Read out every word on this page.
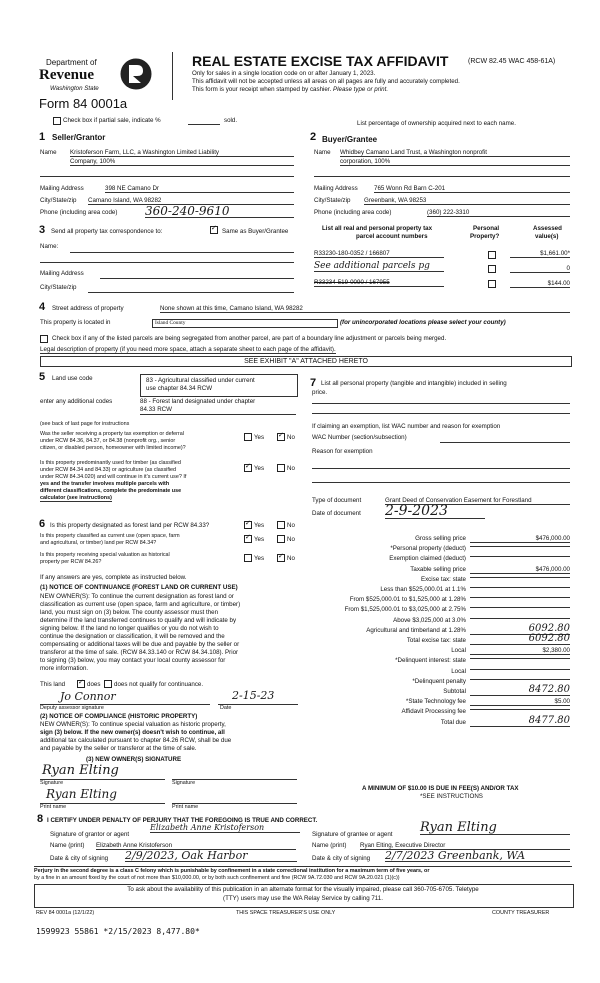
Department of
Revenue
Washington State
Form 84 0001a
REAL ESTATE EXCISE TAX AFFIDAVIT	(RCW 82.45 WAC 458-61A)
Only for sales in a single location code on or after January 1, 2023.
This affidavit will not be accepted unless all areas on all pages are fully and accurately completed.
This form is your receipt when stamped by cashier. Please type or print.
Check box if partial sale, indicate %
	sold.	List percentage of ownership acquired next to each name.
1 Seller/Grantor
Name Kristoferson Farm, LLC, a Washington Limited Liability
Company, 100%
Mailing Address	398 NE Camano Dr
City/State/zip Camano Island, WA 98282
Phone (including area code) 360-240-9610
2 Buyer/Grantee
Name Whidbey Camano Land Trust, a Washington nonprofit
corporation, 100%
Mailing Address	765 Wonn Rd Barn C-201
City/State/zip Greenbank, WA 98253
Phone (including area code)	(360) 222-3310
3 Send all property tax correspondence to: ✓	Same as Buyer/Grantee
Name:
Mailing Address
City/State/zip
List all real and personal property tax
parcel account numbers
Personal
Property?
Assessed
value(s)
R33230-180-0352 / 166807	$1,661.00*
See additional parcels pg	0
R33234-519-0090 / 167955	$144.00
4 Street address of property	None shown at this time, Camano Island, WA 98282
This property is located in	Island County	(for unincorporated locations please select your county)
Check box if any of the listed parcels are being segregated from another parcel, are part of a boundary line adjustment or parcels being merged.
Legal description of property (if you need more space, attach a separate sheet to each page of the affidavit).
SEE EXHIBIT "A" ATTACHED HERETO
5 Land use code	83 - Agricultural classified under current
use chapter 84.34 RCW
enter any additional codes	88 - Forest land designated under chapter
84.33 RCW
(see back of last page for instructions
Was the seller receiving a property tax exemption or deferral
under RCW 84.36, 84.37, or 84.38 (nonprofit org., senior
citizen, or disabled person, homeowner with limited income)?
Yes ✓	No
Is this property predominantly used for timber (as classified
under RCW 84.34 and 84.33) or agriculture (as classified
under RCW 84.34.020) and will continue in it's current use? If
yes and the transfer involves multiple parcels with
different classifications, complete the predominate use
calculator (see instructions)
✓
Yes	No
6 Is this property designated as forest land per RCW 84.33? ✓	Yes	No
Is this property classified as current use (open space, farm
and agricultural, or timber) land per RCW 84.34? ✓	Yes	No
Is this property receiving special valuation as historical
property per RCW 84.26?	Yes ✓	No
If any answers are yes, complete as instructed below.
(1) NOTICE OF CONTINUANCE (FOREST LAND OR CURRENT USE)
NEW OWNER(S): To continue the current designation as forest land or
classification as current use (open space, farm and agriculture, or timber)
land, you must sign on (3) below. The county assessor must then
determine if the land transferred continues to qualify and will indicate by
signing below. If the land no longer qualifies or you do not wish to
continue the designation or classification, it will be removed and the
compensating or additional taxes will be due and payable by the seller or
transferor at the time of sale. (RCW 84.33.140 or RCW 84.34.108). Prior
to signing (3) below, you may contact your local county assessor for
more information.
This land ✓	does does not qualify for continuance.
Jo Connor	2-15-23
Deputy assessor signature	Date
(2) NOTICE OF COMPLIANCE (HISTORIC PROPERTY)
NEW OWNER(S): To continue special valuation as historic property,
sign (3) below. If the new owner(s) doesn't wish to continue, all
additional tax calculated pursuant to chapter 84.26 RCW, shall be due
and payable by the seller or transferor at the time of sale.
(3) NEW OWNER(S) SIGNATURE
Ryan Elting
Signature	Signature
Ryan Elting
Print name	Print name
7 List all personal property (tangible and intangible) included in selling
price.
If claiming an exemption, list WAC number and reason for exemption
WAC Number (section/subsection)
Reason for exemption
Type of document	Grant Deed of Conservation Easement for Forestland
Date of document 2-9-2023
Gross selling price	$476,000.00
*Personal property (deduct)
Exemption claimed (deduct)
Taxable selling price	$476,000.00
Excise tax: state
Less than $525,000.01 at 1.1%
From $525,000.01 to $1,525,000 at 1.28%
From $1,525,000.01 to $3,025,000 at 2.75%
Above $3,025,000 at 3.0%
Agricultural and timberland at 1.28%	6092.80
Total excise tax: state	6092.80
Local	$2,380.00
*Delinquent interest: state
Local
*Delinquent penalty
Subtotal	8472.80
*State Technology fee	$5.00
Affidavit Processing fee
Total due	8477.80
A MINIMUM OF $10.00 IS DUE IN FEE(S) AND/OR TAX
*SEE INSTRUCTIONS
8 I CERTIFY UNDER PENALTY OF PERJURY THAT THE FOREGOING IS TRUE AND CORRECT.
Signature of grantor or agent
Elizabeth Anne Kristoferson
Signature of grantee or agent Ryan Elting
Name (print) Elizabeth Anne Kristoferson	Name (print) Ryan Elting, Executive Director
Date & city of signing 2/9/2023, Oak Harbor	Date & city of signing 2/7/2023 Greenbank, WA
Perjury in the second degree is a class C felony which is punishable by confinement in a state correctional institution for a maximum term of five years, or
by a fine in an amount fixed by the court of not more than $10,000.00, or by both such confinement and fine (RCW 9A.72.030 and RCW 9A.20.021 (1)(c))
To ask about the availability of this publication in an alternate format for the visually impaired, please call 360-705-6705. Teletype
(TTY) users may use the WA Relay Service by calling 711.
REV 84 0001a (12/1/22)	THIS SPACE TREASURER'S USE ONLY	COUNTY TREASURER
1599923 55861 *2/15/2023 8,477.80*
